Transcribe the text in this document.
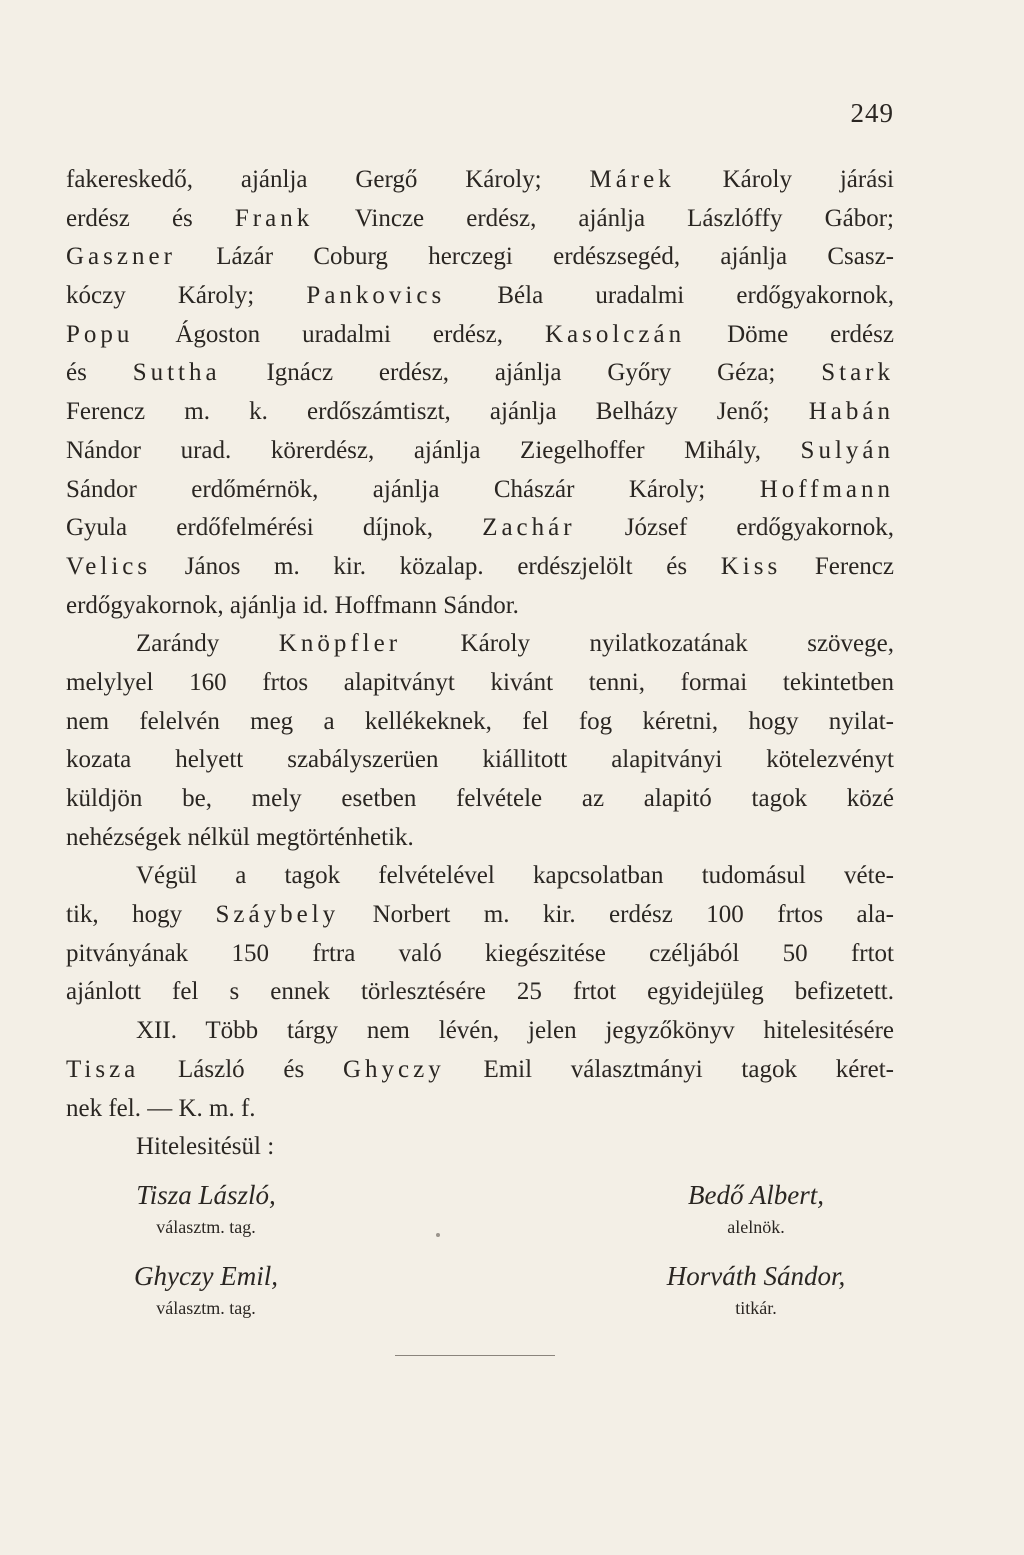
249
fakereskedő, ajánlja Gergő Károly; Márek Károly járási
erdész és Frank Vincze erdész, ajánlja Lászlóffy Gábor;
Gaszner Lázár Coburg herczegi erdészsegéd, ajánlja Csasz-
kóczy Károly; Pankovics Béla uradalmi erdőgyakornok,
Popu Ágoston uradalmi erdész, Kasolczán Döme erdész
és Suttha Ignácz erdész, ajánlja Győry Géza; Stark
Ferencz m. k. erdőszámtiszt, ajánlja Belházy Jenő; Habán
Nándor urad. körerdész, ajánlja Ziegelhoffer Mihály, Sulyán
Sándor erdőmérnök, ajánlja Chászár Károly; Hoffmann
Gyula erdőfelmérési díjnok, Zachár József erdőgyakornok,
Velics János m. kir. közalap. erdészjelölt és Kiss Ferencz
erdőgyakornok, ajánlja id. Hoffmann Sándor.
Zarándy Knöpfler Károly nyilatkozatának szövege,
melylyel 160 frtos alapitványt kivánt tenni, formai tekintetben
nem felelvén meg a kellékeknek, fel fog kéretni, hogy nyilat-
kozata helyett szabályszerüen kiállitott alapitványi kötelezvényt
küldjön be, mely esetben felvétele az alapitó tagok közé
nehézségek nélkül megtörténhetik.
Végül a tagok felvételével kapcsolatban tudomásul véte-
tik, hogy Száybely Norbert m. kir. erdész 100 frtos ala-
pitványának 150 frtra való kiegészitése czéljából 50 frtot
ajánlott fel s ennek törlesztésére 25 frtot egyidejüleg befizetett.
XII. Több tárgy nem lévén, jelen jegyzőkönyv hitelesitésére
Tisza László és Ghyczy Emil választmányi tagok kéret-
nek fel. — K. m. f.
Hitelesitésül :
Tisza László,
választm. tag.
Bedő Albert,
alelnök.
Ghyczy Emil,
választm. tag.
Horváth Sándor,
titkár.
